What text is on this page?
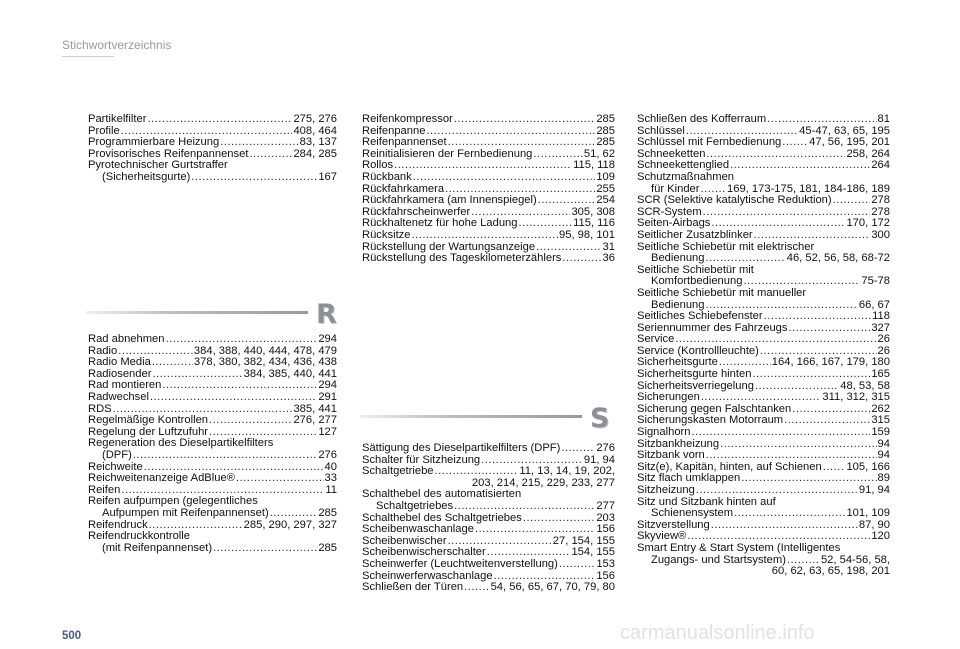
Stichwortverzeichnis
Partikelfilter .....	275, 276
Profile .....	408, 464
Programmierbare Heizung .....	83, 137
Provisorisches Reifenpannenset .....	284, 285
Pyrotechnischer Gurtstraffer
(Sicherheitsgurte) .....	167
R
Rad abnehmen .....	294
Radio .....	384, 388, 440, 444, 478, 479
Radio Media .....	378, 380, 382, 434, 436, 438
Radiosender .....	384, 385, 440, 441
Rad montieren .....	294
Radwechsel .....	291
RDS .....	385, 441
Regelmäßige Kontrollen .....	276, 277
Regelung der Luftzufuhr .....	127
Regeneration des Dieselpartikelfilters
(DPF) .....	276
Reichweite .....	40
Reichweitenanzeige AdBlue® .....	33
Reifen .....	11
Reifen aufpumpen (gelegentliches
Aufpumpen mit Reifenpannenset) .....	285
Reifendruck .....	285, 290, 297, 327
Reifendruckkontrolle
(mit Reifenpannenset) .....	285
Reifenkompressor .....	285
Reifenpanne .....	285
Reifenpannenset .....	285
Reinitialisieren der Fernbedienung .....	51, 62
Rollos .....	115, 118
Rückbank .....	109
Rückfahrkamera .....	255
Rückfahrkamera (am Innenspiegel) .....	254
Rückfahrscheinwerfer .....	305, 308
Rückhaltenetz für hohe Ladung .....	115, 116
Rücksitze .....	95, 98, 101
Rückstellung der Wartungsanzeige .....	31
Rückstellung des Tageskilometerzählers .....	36
S
Sättigung des Dieselpartikelfilters (DPF) .....	276
Schalter für Sitzheizung .....	91, 94
Schaltgetriebe .....	11, 13, 14, 19, 202,
203, 214, 215, 229, 233, 277
Schalthebel des automatisierten
Schaltgetriebes .....	277
Schalthebel des Schaltgetriebes .....	203
Scheibenwaschanlage .....	156
Scheibenwischer .....	27, 154, 155
Scheibenwischerschalter .....	154, 155
Scheinwerfer (Leuchtweitenverstellung) .....	153
Scheinwerferwaschanlage .....	156
Schließen der Türen ..... 54, 56, 65, 67, 70, 79, 80
Schließen des Kofferraum .....	81
Schlüssel .....	45-47, 63, 65, 195
Schlüssel mit Fernbedienung ..... 47, 56, 195, 201
Schneeketten .....	258, 264
Schneekettenglied .....	264
Schutzmaßnahmen
für Kinder ..... 169, 173-175, 181, 184-186, 189
SCR (Selektive katalytische Reduktion) .....	278
SCR-System .....	278
Seiten-Airbags .....	170, 172
Seitlicher Zusatzblinker .....	300
Seitliche Schiebetür mit elektrischer
Bedienung .....	46, 52, 56, 58, 68-72
Seitliche Schiebetür mit
Komfortbedienung .....	75-78
Seitliche Schiebetür mit manueller
Bedienung .....	66, 67
Seitliches Schiebefenster .....	118
Seriennummer des Fahrzeugs .....	327
Service .....	26
Service (Kontrollleuchte) .....	26
Sicherheitsgurte .....	164, 166, 167, 179, 180
Sicherheitsgurte hinten .....	165
Sicherheitsverriegelung .....	48, 53, 58
Sicherungen .....	311, 312, 315
Sicherung gegen Falschtanken .....	262
Sicherungskasten Motorraum .....	315
Signalhorn .....	159
Sitzbankheizung .....	94
Sitzbank vorn .....	94
Sitz(e), Kapitän, hinten, auf Schienen ..... 105, 166
Sitz flach umklappen .....	89
Sitzheizung .....	91, 94
Sitz und Sitzbank hinten auf
Schienensystem .....	101, 109
Sitzverstellung .....	87, 90
Skyview® .....	120
Smart Entry & Start System (Intelligentes
Zugangs- und Startsystem) .....	52, 54-56, 58,
60, 62, 63, 65, 198, 201
500	carmanualsonline.info
